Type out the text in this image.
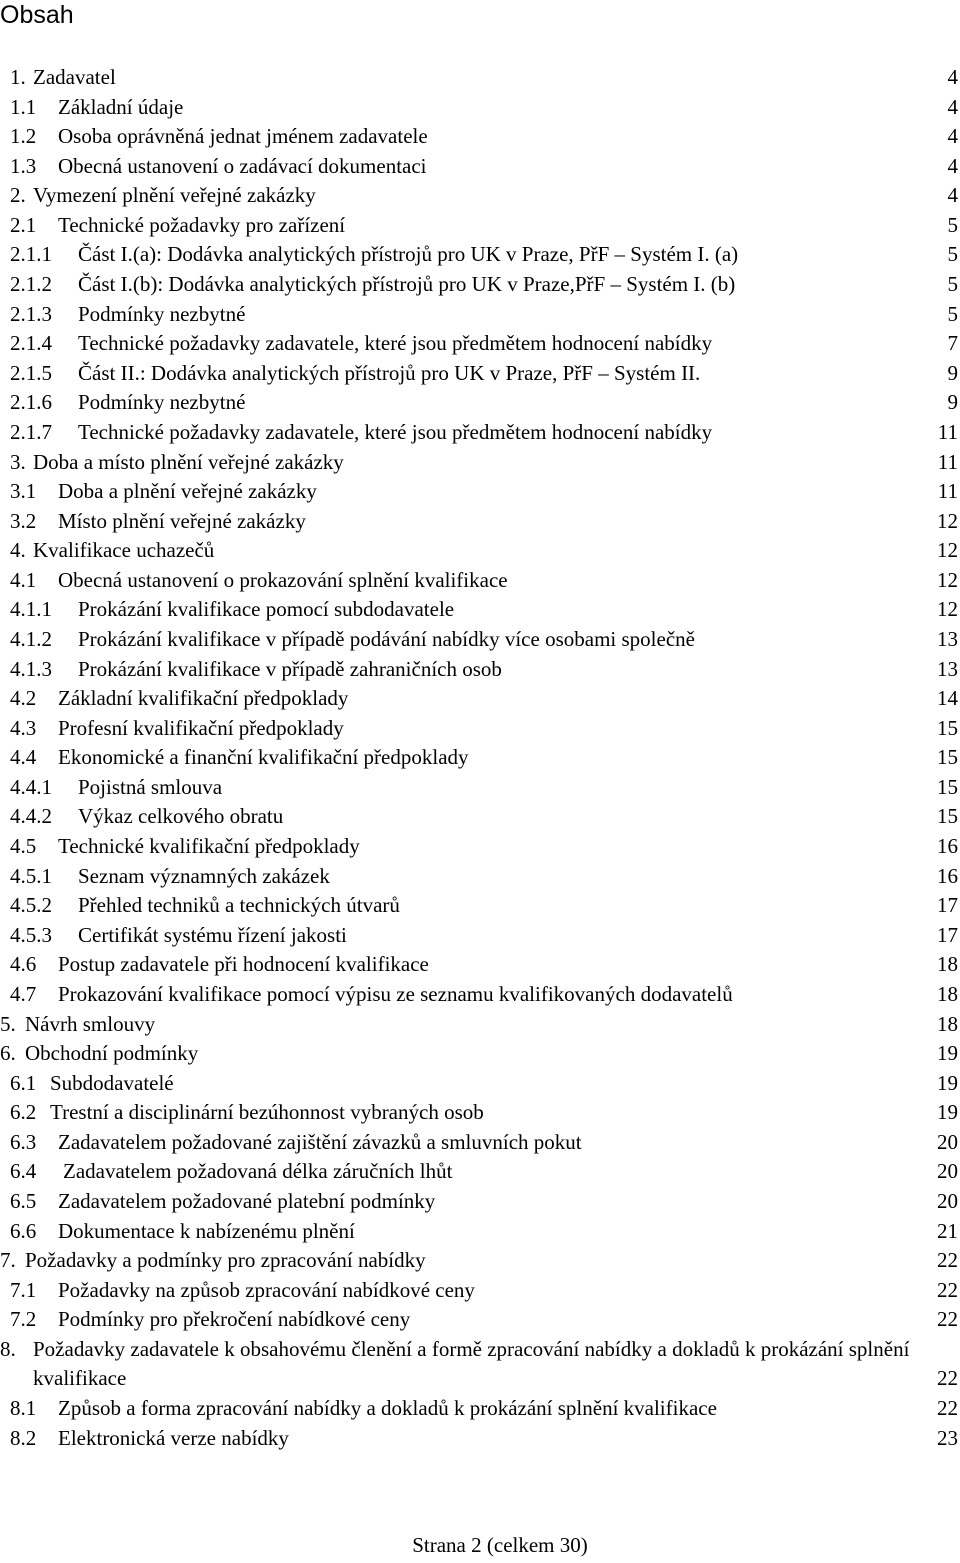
Obsah
1. Zadavatel	4
1.1 Základní údaje	4
1.2 Osoba oprávněná jednat jménem zadavatele	4
1.3 Obecná ustanovení o zadávací dokumentaci	4
2. Vymezení plnění veřejné zakázky	4
2.1 Technické požadavky pro zařízení	5
2.1.1 Část I.(a): Dodávka analytických přístrojů pro UK v Praze, PřF – Systém I. (a)	5
2.1.2 Část I.(b): Dodávka analytických přístrojů pro UK v Praze,PřF – Systém I. (b)	5
2.1.3 Podmínky nezbytné	5
2.1.4 Technické požadavky zadavatele, které jsou předmětem hodnocení nabídky	7
2.1.5 Část II.: Dodávka analytických přístrojů pro UK v Praze, PřF – Systém II.	9
2.1.6 Podmínky nezbytné	9
2.1.7 Technické požadavky zadavatele, které jsou předmětem hodnocení nabídky	11
3. Doba a místo plnění veřejné zakázky	11
3.1 Doba a plnění veřejné zakázky	11
3.2 Místo plnění veřejné zakázky	12
4. Kvalifikace uchazečů	12
4.1 Obecná ustanovení o prokazování splnění kvalifikace	12
4.1.1 Prokázání kvalifikace pomocí subdodavatele	12
4.1.2 Prokázání kvalifikace v případě podávání nabídky více osobami společně	13
4.1.3 Prokázání kvalifikace v případě zahraničních osob	13
4.2 Základní kvalifikační předpoklady	14
4.3 Profesní kvalifikační předpoklady	15
4.4 Ekonomické a finanční kvalifikační předpoklady	15
4.4.1 Pojistná smlouva	15
4.4.2 Výkaz celkového obratu	15
4.5 Technické kvalifikační předpoklady	16
4.5.1 Seznam významných zakázek	16
4.5.2 Přehled techniků a technických útvarů	17
4.5.3 Certifikát systému řízení jakosti	17
4.6 Postup zadavatele při hodnocení kvalifikace	18
4.7 Prokazování kvalifikace pomocí výpisu ze seznamu kvalifikovaných dodavatelů	18
5. Návrh smlouvy	18
6. Obchodní podmínky	19
6.1 Subdodavatelé	19
6.2 Trestní a disciplinární bezúhonnost vybraných osob	19
6.3 Zadavatelem požadované zajištění závazků a smluvních pokut	20
6.4 Zadavatelem požadovaná délka záručních lhůt	20
6.5 Zadavatelem požadované platební podmínky	20
6.6 Dokumentace k nabízenému plnění	21
7. Požadavky a podmínky pro zpracování nabídky	22
7.1 Požadavky na způsob zpracování nabídkové ceny	22
7.2 Podmínky pro překročení nabídkové ceny	22
8. Požadavky zadavatele k obsahovému členění a formě zpracování nabídky a dokladů k prokázání splnění kvalifikace	22
8.1 Způsob a forma zpracování nabídky a dokladů k prokázání splnění kvalifikace	22
8.2 Elektronická verze nabídky	23
Strana 2 (celkem 30)
